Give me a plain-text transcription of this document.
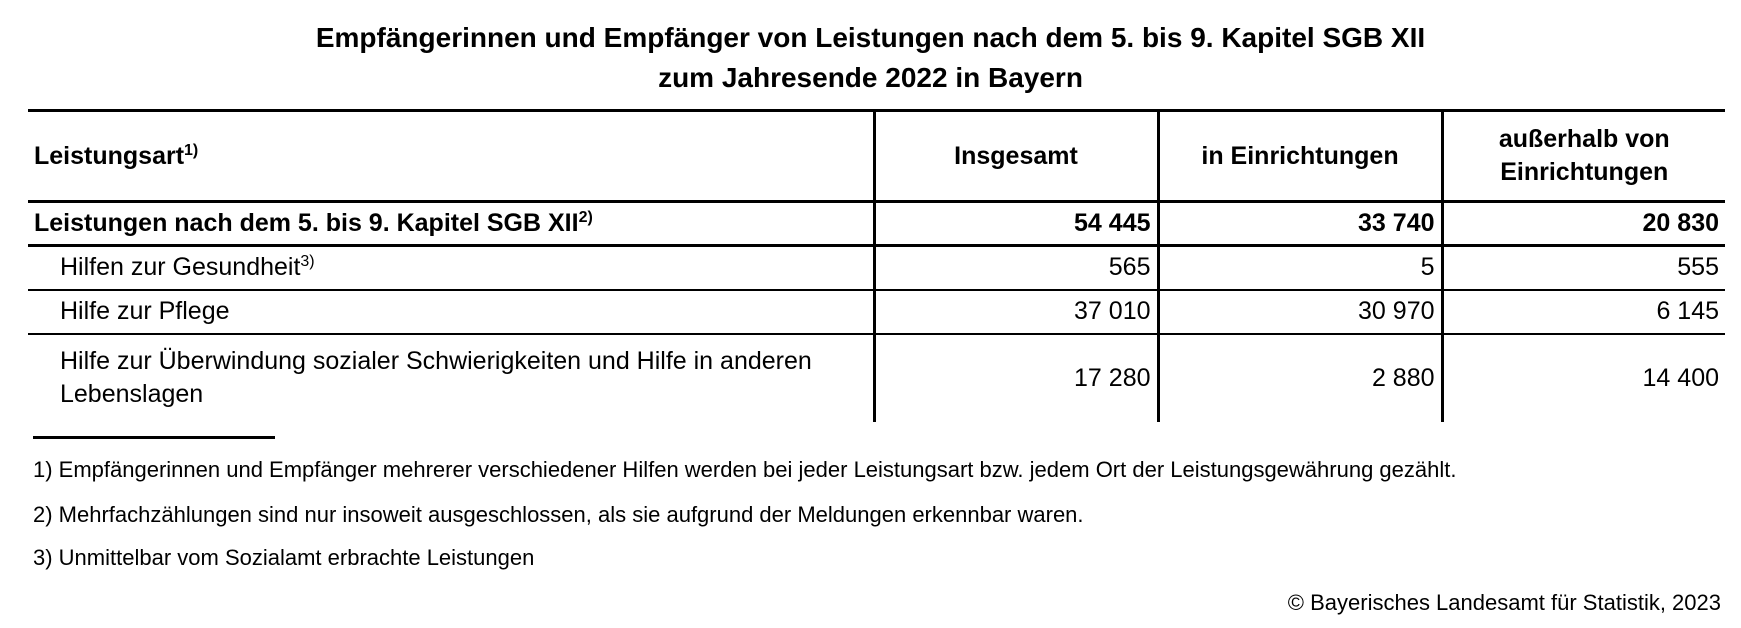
Empfängerinnen und Empfänger von Leistungen nach dem 5. bis 9. Kapitel SGB XII
zum Jahresende 2022 in Bayern
Leistungsart$^{1)}$	Insgesamt	in Einrichtungen	außerhalb von
Einrichtungen

Leistungen nach dem 5. bis 9. Kapitel SGB XII$^{2)}$	54 445	33 740	20 830
Hilfen zur Gesundheit$^{3)}$	565	5	555
Hilfe zur Pflege	37 010	30 970	6 145

Hilfe zur Überwindung sozialer Schwierigkeiten und Hilfe in anderen
Lebenslagen	17 280	2 880	14 400
1) Empfängerinnen und Empfänger mehrerer verschiedener Hilfen werden bei jeder Leistungsart bzw. jedem Ort der Leistungsgewährung gezählt.
2) Mehrfachzählungen sind nur insoweit ausgeschlossen, als sie aufgrund der Meldungen erkennbar waren.
3) Unmittelbar vom Sozialamt erbrachte Leistungen
© Bayerisches Landesamt für Statistik, 2023
